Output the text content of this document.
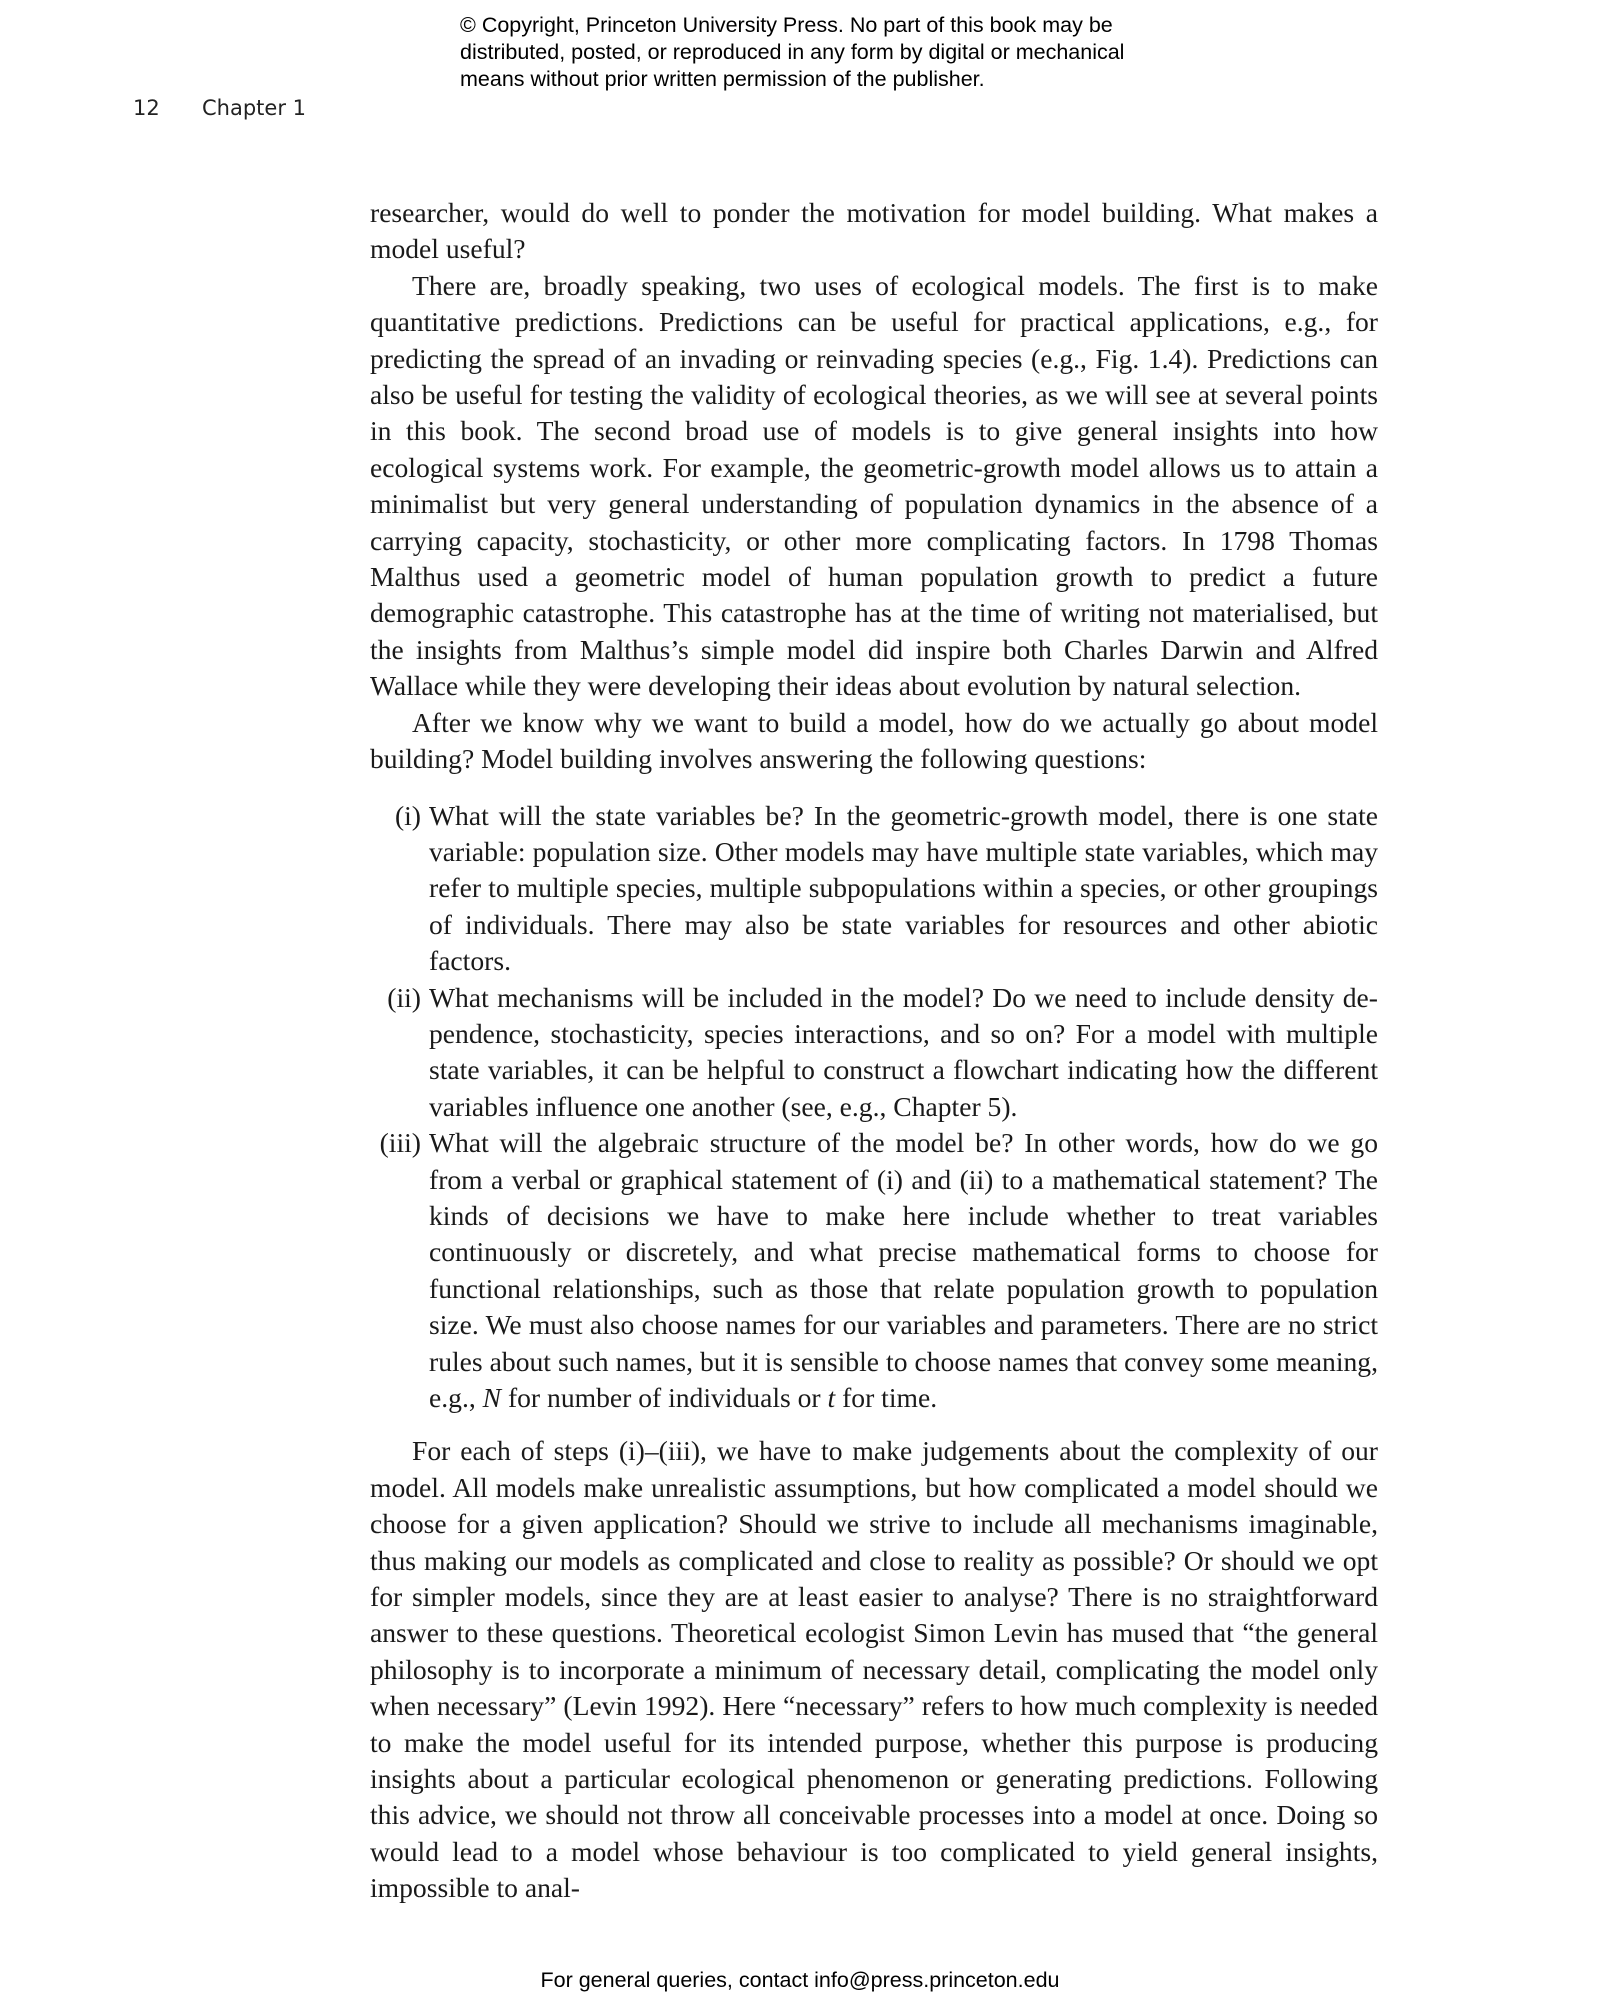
© Copyright, Princeton University Press. No part of this book may be
distributed, posted, or reproduced in any form by digital or mechanical
means without prior written permission of the publisher.
12 Chapter 1

researcher, would do well to ponder the motivation for model building. What makes a model useful?

There are, broadly speaking, two uses of ecological models. The first is to make quantitative predictions. Predictions can be useful for practical applications, e.g., for predicting the spread of an invading or reinvading species (e.g., Fig. 1.4). Predictions can also be useful for testing the validity of ecological theories, as we will see at several points in this book. The second broad use of models is to give general insights into how ecological systems work. For example, the geometric-growth model allows us to attain a minimalist but very general understanding of population dynamics in the absence of a carrying capacity, stochasticity, or other more complicating factors. In 1798 Thomas Malthus used a geometric model of human population growth to predict a future demographic catastrophe. This catastrophe has at the time of writing not materialised, but the insights from Malthus’s simple model did inspire both Charles Darwin and Alfred Wallace while they were developing their ideas about evolution by natural selection.

After we know why we want to build a model, how do we actually go about model building? Model building involves answering the following questions:

(i) What will the state variables be? In the geometric-growth model, there is one state variable: population size. Other models may have multiple state variables, which may refer to multiple species, multiple subpopulations within a species, or other groupings of individuals. There may also be state variables for resources and other abiotic factors.
(ii) What mechanisms will be included in the model? Do we need to include density dependence, stochasticity, species interactions, and so on? For a model with multiple state variables, it can be helpful to construct a flowchart indicating how the different variables influence one another (see, e.g., Chapter 5).
(iii) What will the algebraic structure of the model be? In other words, how do we go from a verbal or graphical statement of (i) and (ii) to a mathematical statement? The kinds of decisions we have to make here include whether to treat variables continuously or discretely, and what precise mathematical forms to choose for functional relationships, such as those that relate population growth to population size. We must also choose names for our variables and parameters. There are no strict rules about such names, but it is sensible to choose names that convey some meaning, e.g., N for number of individuals or t for time.

For each of steps (i)–(iii), we have to make judgements about the complexity of our model. All models make unrealistic assumptions, but how complicated a model should we choose for a given application? Should we strive to include all mechanisms imaginable, thus making our models as complicated and close to reality as possible? Or should we opt for simpler models, since they are at least easier to analyse? There is no straightforward answer to these questions. Theoretical ecologist Simon Levin has mused that “the general philosophy is to incorporate a minimum of necessary detail, complicating the model only when necessary” (Levin 1992). Here “necessary” refers to how much complexity is needed to make the model useful for its intended purpose, whether this purpose is producing insights about a particular ecological phenomenon or generating predictions. Following this advice, we should not throw all conceivable processes into a model at once. Doing so would lead to a model whose behaviour is too complicated to yield general insights, impossible to anal-

For general queries, contact info@press.princeton.edu
